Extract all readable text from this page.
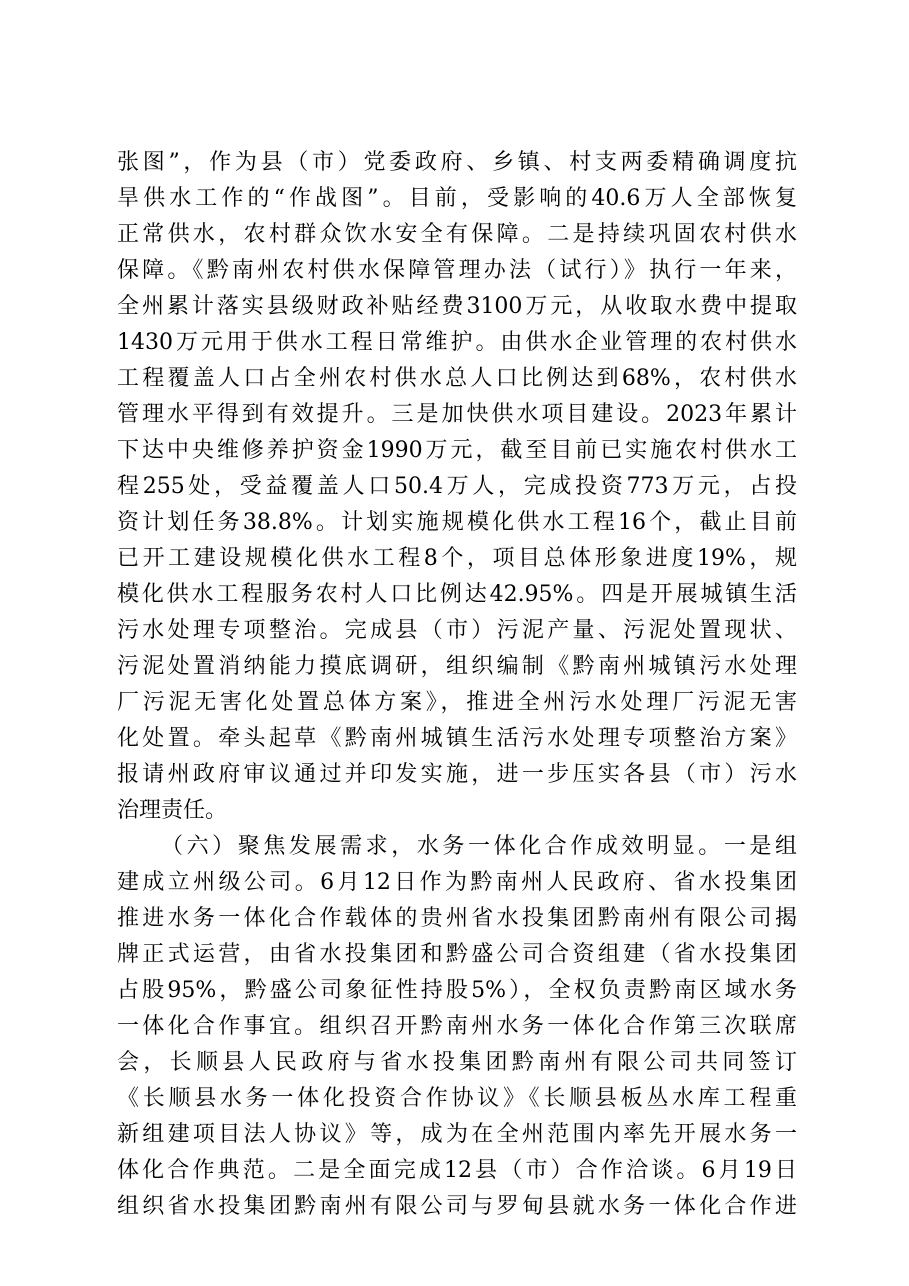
张图”，作为县（市）党委政府、乡镇、村支两委精确调度抗
旱供水工作的“作战图”。目前，受影响的40.6万人全部恢复
正常供水，农村群众饮水安全有保障。二是持续巩固农村供水
保障。《黔南州农村供水保障管理办法（试行）》执行一年来，
全州累计落实县级财政补贴经费3100万元，从收取水费中提取
1430万元用于供水工程日常维护。由供水企业管理的农村供水
工程覆盖人口占全州农村供水总人口比例达到68%，农村供水
管理水平得到有效提升。三是加快供水项目建设。2023年累计
下达中央维修养护资金1990万元，截至目前已实施农村供水工
程255处，受益覆盖人口50.4万人，完成投资773万元，占投
资计划任务38.8%。计划实施规模化供水工程16个，截止目前
已开工建设规模化供水工程8个，项目总体形象进度19%，规
模化供水工程服务农村人口比例达42.95%。四是开展城镇生活
污水处理专项整治。完成县（市）污泥产量、污泥处置现状、
污泥处置消纳能力摸底调研，组织编制《黔南州城镇污水处理
厂污泥无害化处置总体方案》，推进全州污水处理厂污泥无害
化处置。牵头起草《黔南州城镇生活污水处理专项整治方案》
报请州政府审议通过并印发实施，进一步压实各县（市）污水
治理责任。
（六）聚焦发展需求，水务一体化合作成效明显。一是组
建成立州级公司。6月12日作为黔南州人民政府、省水投集团
推进水务一体化合作载体的贵州省水投集团黔南州有限公司揭
牌正式运营，由省水投集团和黔盛公司合资组建（省水投集团
占股95%，黔盛公司象征性持股5%），全权负责黔南区域水务
一体化合作事宜。组织召开黔南州水务一体化合作第三次联席
会，长顺县人民政府与省水投集团黔南州有限公司共同签订
《长顺县水务一体化投资合作协议》《长顺县板丛水库工程重
新组建项目法人协议》等，成为在全州范围内率先开展水务一
体化合作典范。二是全面完成12县（市）合作洽谈。6月19日
组织省水投集团黔南州有限公司与罗甸县就水务一体化合作进
